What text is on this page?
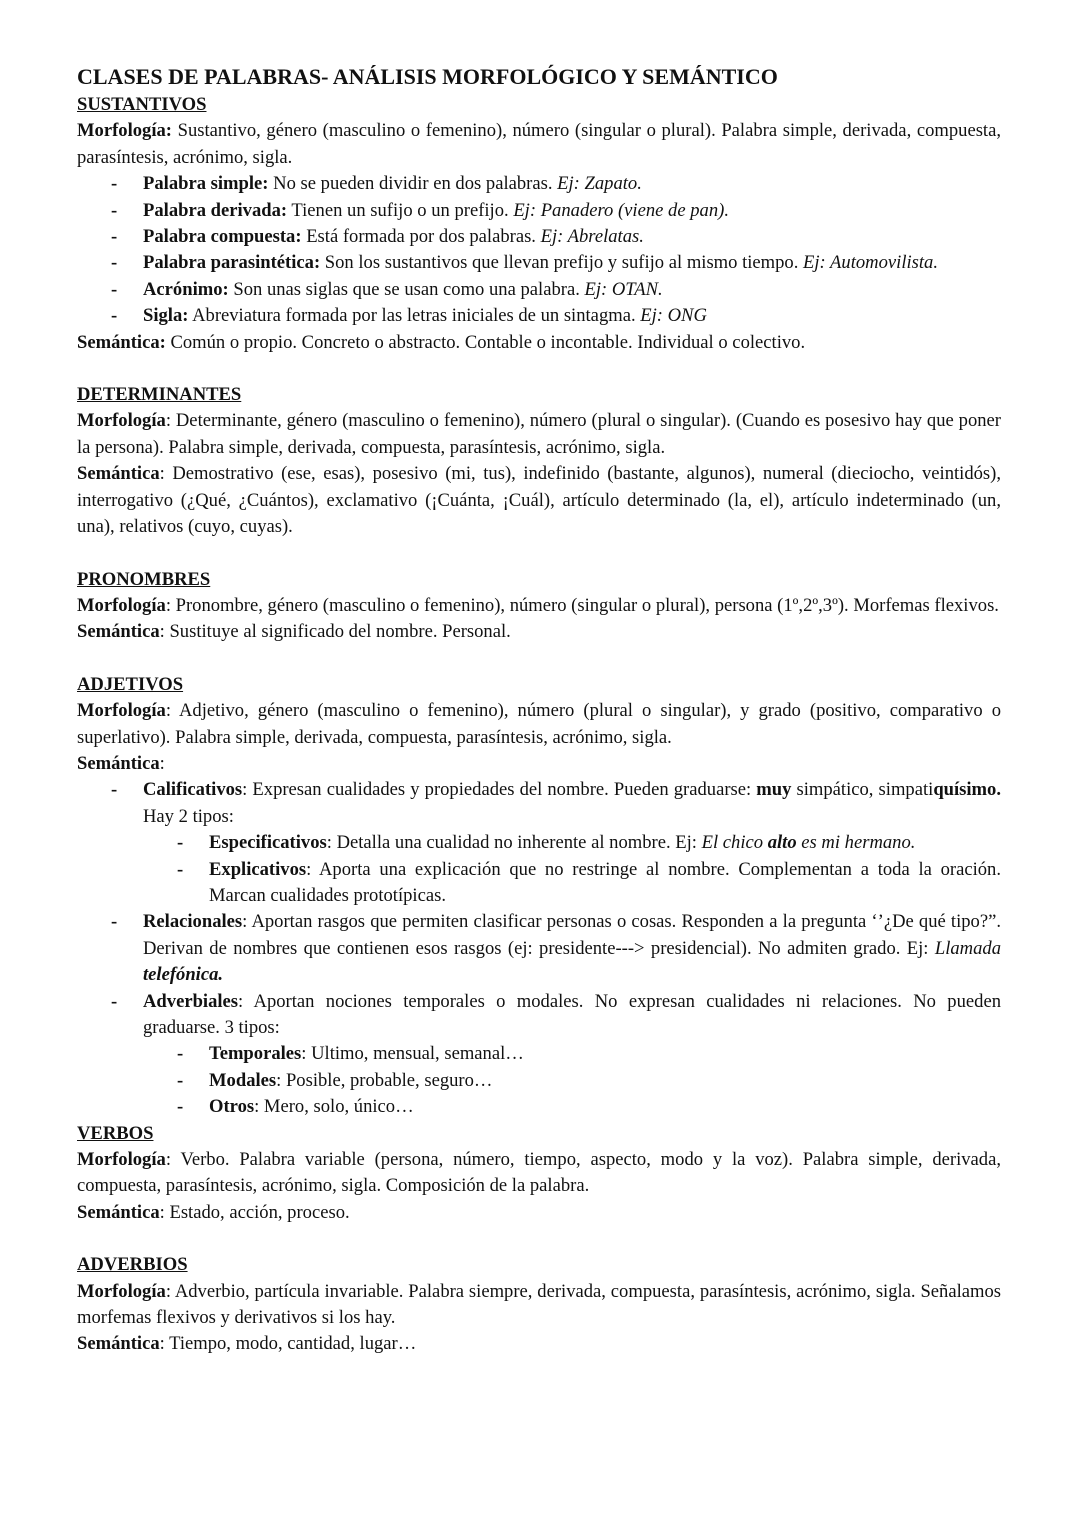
CLASES DE PALABRAS- ANÁLISIS MORFOLÓGICO Y SEMÁNTICO
SUSTANTIVOS

Morfología: Sustantivo, género (masculino o femenino), número (singular o plural). Palabra simple, derivada, compuesta, parasíntesis, acrónimo, sigla.

- Palabra simple: No se pueden dividir en dos palabras. Ej: Zapato.
- Palabra derivada: Tienen un sufijo o un prefijo. Ej: Panadero (viene de pan).
- Palabra compuesta: Está formada por dos palabras. Ej: Abrelatas.
- Palabra parasintética: Son los sustantivos que llevan prefijo y sufijo al mismo tiempo. Ej: Automovilista.
- Acrónimo: Son unas siglas que se usan como una palabra. Ej: OTAN.
- Sigla: Abreviatura formada por las letras iniciales de un sintagma. Ej: ONG

Semántica: Común o propio. Concreto o abstracto. Contable o incontable. Individual o colectivo.

DETERMINANTES

Morfología: Determinante, género (masculino o femenino), número (plural o singular). (Cuando es posesivo hay que poner la persona). Palabra simple, derivada, compuesta, parasíntesis, acrónimo, sigla.

Semántica: Demostrativo (ese, esas), posesivo (mi, tus), indefinido (bastante, algunos), numeral (dieciocho, veintidós), interrogativo (¿Qué, ¿Cuántos), exclamativo (¡Cuánta, ¡Cuál), artículo determinado (la, el), artículo indeterminado (un, una), relativos (cuyo, cuyas).

PRONOMBRES

Morfología: Pronombre, género (masculino o femenino), número (singular o plural), persona (1º,2º,3º). Morfemas flexivos.

Semántica: Sustituye al significado del nombre. Personal.

ADJETIVOS

Morfología: Adjetivo, género (masculino o femenino), número (plural o singular), y grado (positivo, comparativo o superlativo). Palabra simple, derivada, compuesta, parasíntesis, acrónimo, sigla.

Semántica:

- Calificativos: Expresan cualidades y propiedades del nombre. Pueden graduarse: muy simpático, simpatiquísimo. Hay 2 tipos:
- Especificativos: Detalla una cualidad no inherente al nombre. Ej: El chico alto es mi hermano.
- Explicativos: Aporta una explicación que no restringe al nombre. Complementan a toda la oración. Marcan cualidades prototípicas.
- Relacionales: Aportan rasgos que permiten clasificar personas o cosas. Responden a la pregunta ‘’¿De qué tipo?”. Derivan de nombres que contienen esos rasgos (ej: presidente---> presidencial). No admiten grado. Ej: Llamada telefónica.
- Adverbiales: Aportan nociones temporales o modales. No expresan cualidades ni relaciones. No pueden graduarse. 3 tipos:
- Temporales: Ultimo, mensual, semanal…
- Modales: Posible, probable, seguro…
- Otros: Mero, solo, único…
VERBOS

Morfología: Verbo. Palabra variable (persona, número, tiempo, aspecto, modo y la voz). Palabra simple, derivada, compuesta, parasíntesis, acrónimo, sigla. Composición de la palabra.

Semántica: Estado, acción, proceso.

ADVERBIOS

Morfología: Adverbio, partícula invariable. Palabra siempre, derivada, compuesta, parasíntesis, acrónimo, sigla. Señalamos morfemas flexivos y derivativos si los hay.

Semántica: Tiempo, modo, cantidad, lugar…
